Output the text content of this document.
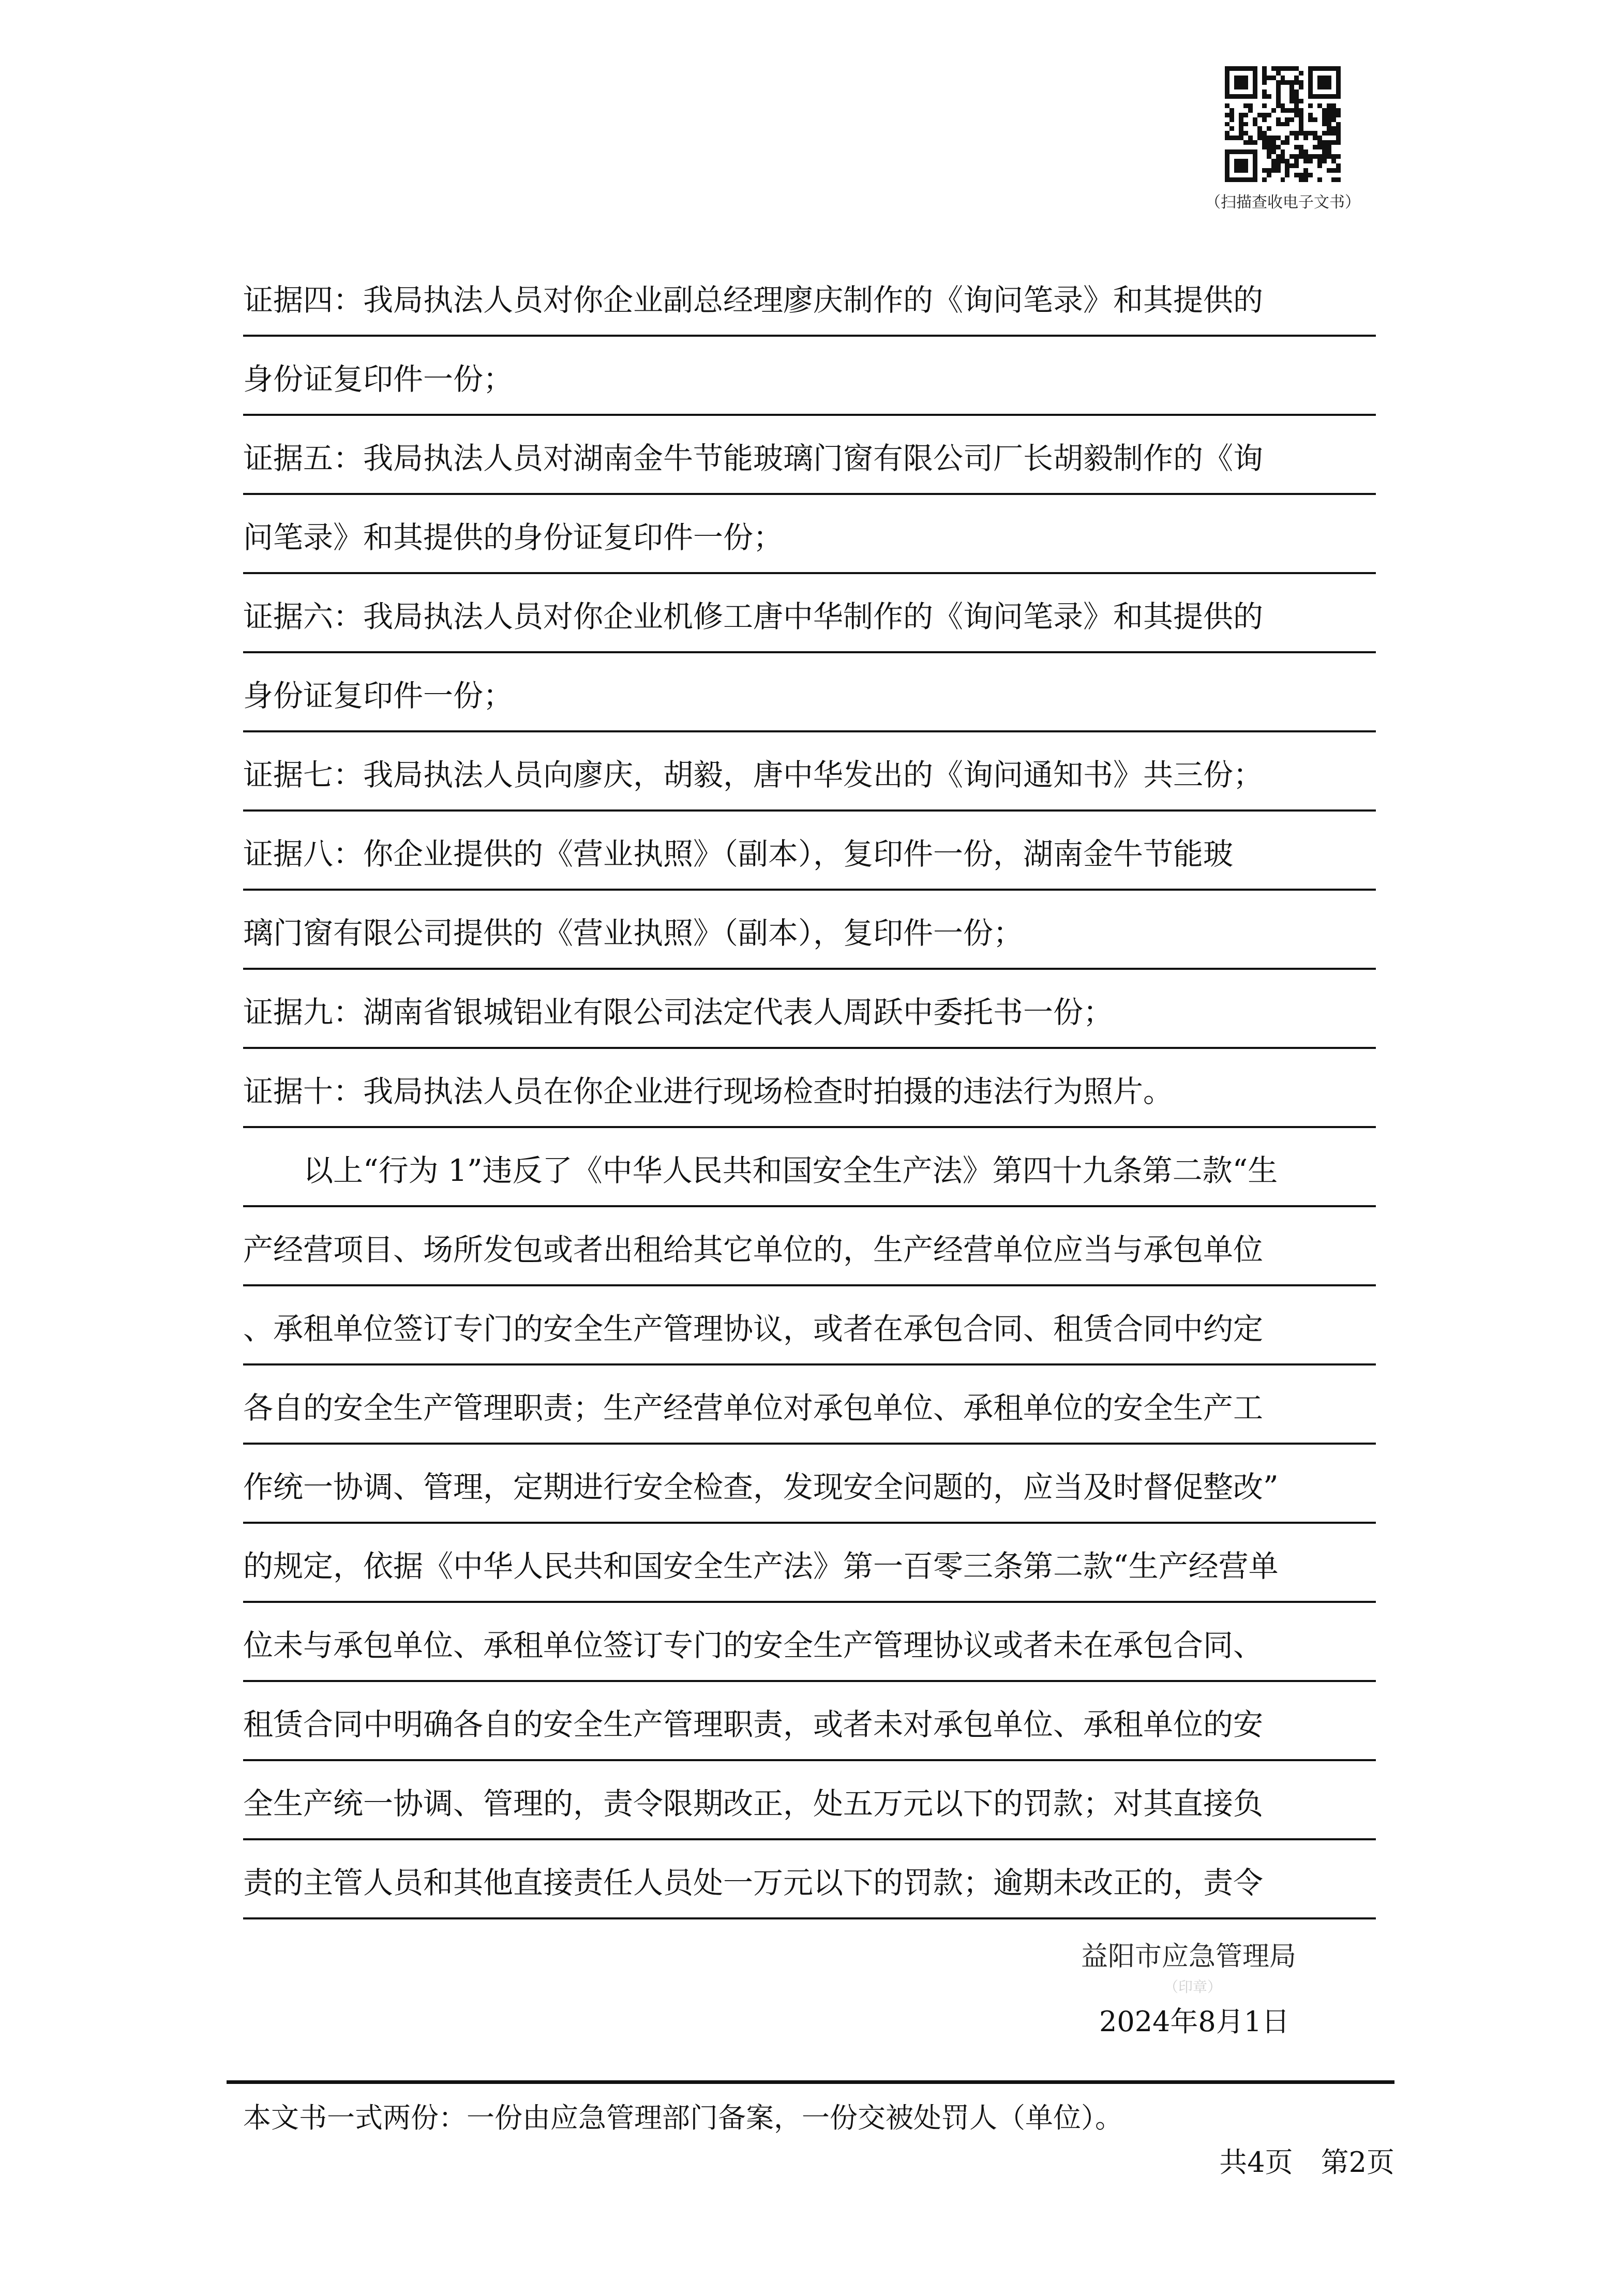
（扫描查收电子文书）
证据四：我局执法人员对你企业副总经理廖庆制作的《询问笔录》和其提供的
身份证复印件一份；
证据五：我局执法人员对湖南金牛节能玻璃门窗有限公司厂长胡毅制作的《询
问笔录》和其提供的身份证复印件一份；
证据六：我局执法人员对你企业机修工唐中华制作的《询问笔录》和其提供的
身份证复印件一份；
证据七：我局执法人员向廖庆，胡毅，唐中华发出的《询问通知书》共三份；
证据八：你企业提供的《营业执照》（副本），复印件一份，湖南金牛节能玻
璃门窗有限公司提供的《营业执照》（副本），复印件一份；
证据九：湖南省银城铝业有限公司法定代表人周跃中委托书一份；
证据十：我局执法人员在你企业进行现场检查时拍摄的违法行为照片。
以上“行为 1”违反了《中华人民共和国安全生产法》第四十九条第二款“生
产经营项目、场所发包或者出租给其它单位的，生产经营单位应当与承包单位
、承租单位签订专门的安全生产管理协议，或者在承包合同、租赁合同中约定
各自的安全生产管理职责；生产经营单位对承包单位、承租单位的安全生产工
作统一协调、管理，定期进行安全检查，发现安全问题的，应当及时督促整改”
的规定，依据《中华人民共和国安全生产法》第一百零三条第二款“生产经营单
位未与承包单位、承租单位签订专门的安全生产管理协议或者未在承包合同、
租赁合同中明确各自的安全生产管理职责，或者未对承包单位、承租单位的安
全生产统一协调、管理的，责令限期改正，处五万元以下的罚款；对其直接负
责的主管人员和其他直接责任人员处一万元以下的罚款；逾期未改正的，责令
益阳市应急管理局
（印章）
2024年8月1日
本文书一式两份：一份由应急管理部门备案，一份交被处罚人（单位）。
共4页　第2页
